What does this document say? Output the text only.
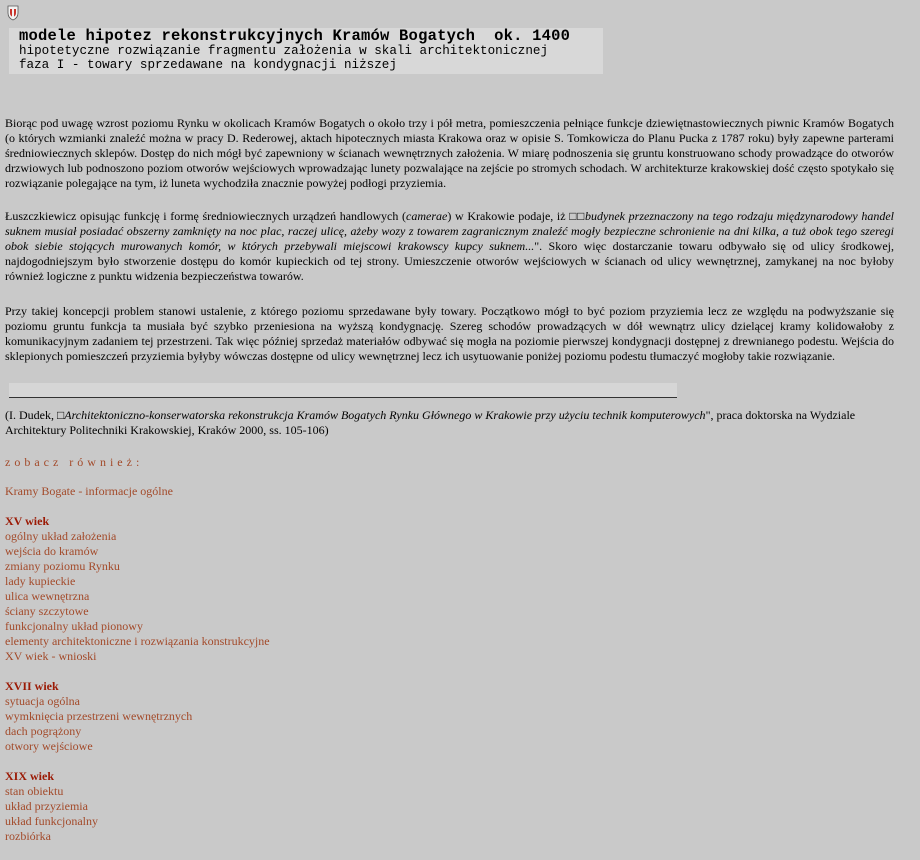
modele hipotez rekonstrukcyjnych Kramów Bogatych  ok. 1400
hipotetyczne rozwiązanie fragmentu założenia w skali architektonicznej
faza I - towary sprzedawane na kondygnacji niższej
Biorąc pod uwagę wzrost poziomu Rynku w okolicach Kramów Bogatych o około trzy i pół metra, pomieszczenia pełniące funkcje dziewiętnastowiecznych piwnic Kramów Bogatych (o których wzmianki znaleźć można w pracy D. Rederowej, aktach hipotecznych miasta Krakowa oraz w opisie S. Tomkowicza do Planu Pucka z 1787 roku) były zapewne parterami średniowiecznych sklepów. Dostęp do nich mógł być zapewniony w ścianach wewnętrznych założenia. W miarę podnoszenia się gruntu konstruowano schody prowadzące do otworów drzwiowych lub podnoszono poziom otworów wejściowych wprowadzając lunety pozwalające na zejście po stromych schodach. W architekturze krakowskiej dość często spotykało się rozwiązanie polegające na tym, iż luneta wychodziła znacznie powyżej podłogi przyziemia.
Łuszczkiewicz opisując funkcję i formę średniowiecznych urządzeń handlowych (camerae) w Krakowie podaje, iż □□budynek przeznaczony na tego rodzaju międzynarodowy handel suknem musiał posiadać obszerny zamknięty na noc plac, raczej ulicę, ażeby wozy z towarem zagranicznym znaleźć mogły bezpieczne schronienie na dni kilka, a tuż obok tego szeregi obok siebie stojących murowanych komór, w których przebywali miejscowi krakowscy kupcy suknem...". Skoro więc dostarczanie towaru odbywało się od ulicy środkowej, najdogodniejszym było stworzenie dostępu do komór kupieckich od tej strony. Umieszczenie otworów wejściowych w ścianach od ulicy wewnętrznej, zamykanej na noc byłoby również logiczne z punktu widzenia bezpieczeństwa towarów.
Przy takiej koncepcji problem stanowi ustalenie, z którego poziomu sprzedawane były towary. Początkowo mógł to być poziom przyziemia lecz ze względu na podwyższanie się poziomu gruntu funkcja ta musiała być szybko przeniesiona na wyższą kondygnację. Szereg schodów prowadzących w dół wewnątrz ulicy dzielącej kramy kolidowałoby z komunikacyjnym zadaniem tej przestrzeni. Tak więc później sprzedaż materiałów odbywać się mogła na poziomie pierwszej kondygnacji dostępnej z drewnianego podestu. Wejścia do sklepionych pomieszczeń przyziemia byłyby wówczas dostępne od ulicy wewnętrznej lecz ich usytuowanie poniżej poziomu podestu tłumaczyć mogłoby takie rozwiązanie.
(I. Dudek, □Architektoniczno-konserwatorska rekonstrukcja Kramów Bogatych Rynku Głównego w Krakowie przy użyciu technik komputerowych", praca doktorska na Wydziale Architektury Politechniki Krakowskiej, Kraków 2000, ss. 105-106)
zobacz również:
Kramy Bogate - informacje ogólne
XV wiek
ogólny układ założenia
wejścia do kramów
zmiany poziomu Rynku
lady kupieckie
ulica wewnętrzna
ściany szczytowe
funkcjonalny układ pionowy
elementy architektoniczne i rozwiązania konstrukcyjne
XV wiek - wnioski
XVII wiek
sytuacja ogólna
wymknięcia przestrzeni wewnętrznych
dach pogrążony
otwory wejściowe
XIX wiek
stan obiektu
układ przyziemia
układ funkcjonalny
rozbiórka
